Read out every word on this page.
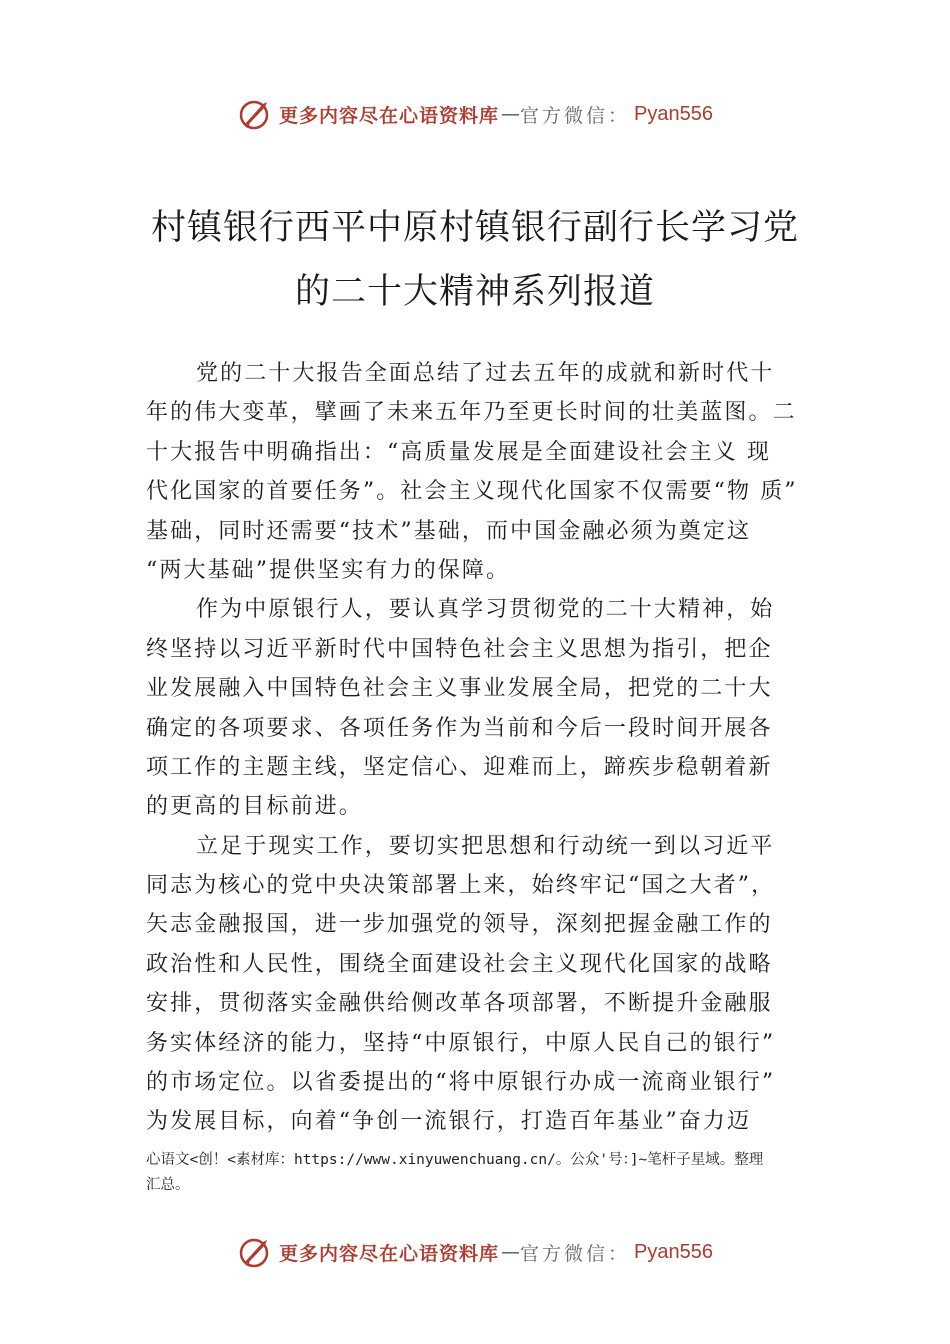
更多内容尽在心语资料库 — 官方微信： Pyan556
村镇银行西平中原村镇银行副行长学习党
的二十大精神系列报道
党的二十大报告全面总结了过去五年的成就和新时代十
年的伟大变革，擘画了未来五年乃至更长时间的壮美蓝图。二
十大报告中明确指出：“高质量发展是全面建设社会主义 现
代化国家的首要任务”。社会主义现代化国家不仅需要“物 质”
基础，同时还需要“技术”基础，而中国金融必须为奠定这
“两大基础”提供坚实有力的保障。
作为中原银行人，要认真学习贯彻党的二十大精神，始
终坚持以习近平新时代中国特色社会主义思想为指引，把企
业发展融入中国特色社会主义事业发展全局，把党的二十大
确定的各项要求、各项任务作为当前和今后一段时间开展各
项工作的主题主线，坚定信心、迎难而上，蹄疾步稳朝着新
的更高的目标前进。
立足于现实工作，要切实把思想和行动统一到以习近平
同志为核心的党中央决策部署上来，始终牢记“国之大者”，
矢志金融报国，进一步加强党的领导，深刻把握金融工作的
政治性和人民性，围绕全面建设社会主义现代化国家的战略
安排，贯彻落实金融供给侧改革各项部署，不断提升金融服
务实体经济的能力，坚持“中原银行，中原人民自己的银行”
的市场定位。以省委提出的“将中原银行办成一流商业银行”
为发展目标，向着“争创一流银行，打造百年基业”奋力迈
心语文<创！<素材库：https://www.xinyuwenchuang.cn/。公众'号：]~笔杆子星域。整理
汇总。
更多内容尽在心语资料库 — 官方微信： Pyan556
